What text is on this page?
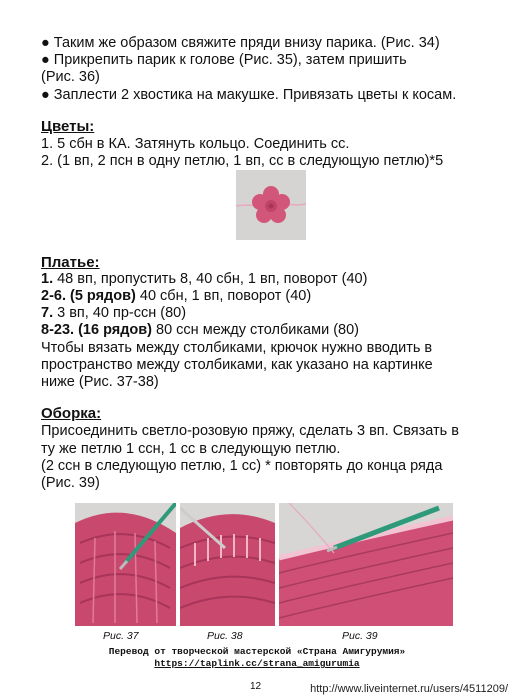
● Таким же образом свяжите пряди внизу парика. (Рис. 34)
● Прикрепить парик к голове (Рис. 35), затем пришить
(Рис. 36)
● Заплести 2 хвостика на макушке. Привязать цветы к косам.
Цветы:
1. 5 сбн в КА. Затянуть кольцо. Соединить сс.
2. (1 вп, 2 псн в одну петлю, 1 вп, сс в следующую петлю)*5
Платье:
1. 48 вп, пропустить 8, 40 сбн, 1 вп, поворот (40)
2-6. (5 рядов) 40 сбн, 1 вп, поворот (40)
7. 3 вп, 40 пр-ссн (80)
8-23. (16 рядов) 80 ссн между столбиками (80)
Чтобы вязать между столбиками, крючок нужно вводить в
пространство между столбиками, как указано на картинке
ниже (Рис. 37-38)
Оборка:
Присоединить светло-розовую пряжу, сделать 3 вп. Связать в
ту же петлю 1 ссн, 1 сс в следующую петлю.
(2 ссн в следующую петлю, 1 сс) * повторять до конца ряда
(Рис. 39)
Рис. 37	Рис. 38	Рис. 39
Перевод от творческой мастерской «Страна Амигурумия»
https://taplink.cc/strana_amigurumia
12	http://www.liveinternet.ru/users/4511209/
